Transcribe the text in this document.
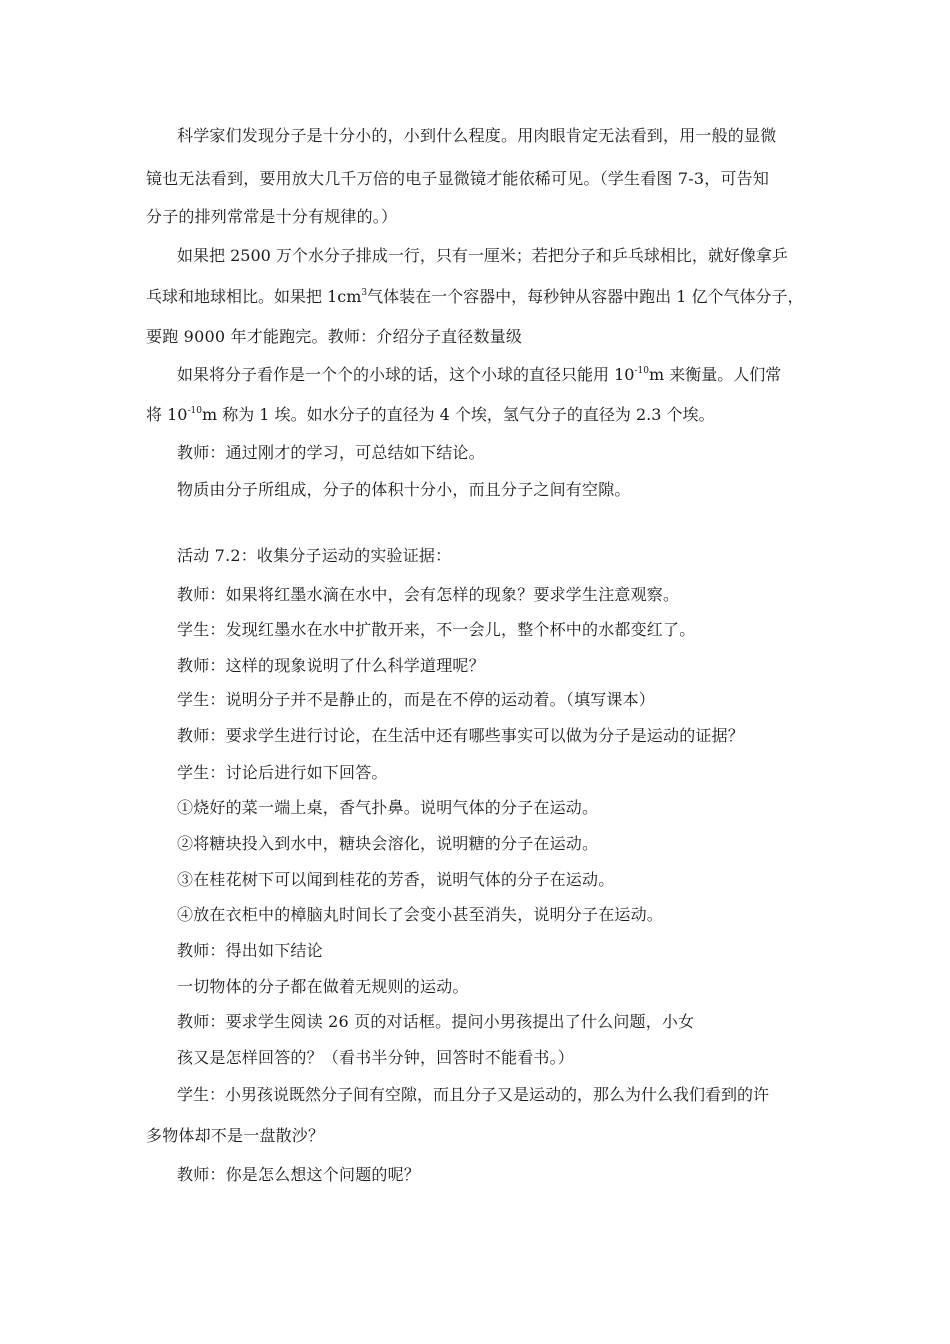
科学家们发现分子是十分小的，小到什么程度。用肉眼肯定无法看到，用一般的显微
镜也无法看到，要用放大几千万倍的电子显微镜才能依稀可见。（学生看图 7-3，可告知
分子的排列常常是十分有规律的。）
如果把 2500 万个水分子排成一行，只有一厘米；若把分子和乒乓球相比，就好像拿乒
乓球和地球相比。如果把 $1cm^3$气体装在一个容器中，每秒钟从容器中跑出 1 亿个气体分子，
要跑 9000 年才能跑完。教师：介绍分子直径数量级
如果将分子看作是一个个的小球的话，这个小球的直径只能用 $10^{-10}m$ 来衡量。人们常
将 $10^{-10}m$ 称为 1 埃。如水分子的直径为 4 个埃，氢气分子的直径为 2.3 个埃。
教师：通过刚才的学习，可总结如下结论。
物质由分子所组成，分子的体积十分小，而且分子之间有空隙。
活动 7.2：收集分子运动的实验证据：
教师：如果将红墨水滴在水中，会有怎样的现象？要求学生注意观察。
学生：发现红墨水在水中扩散开来，不一会儿，整个杯中的水都变红了。
教师：这样的现象说明了什么科学道理呢？
学生：说明分子并不是静止的，而是在不停的运动着。（填写课本）
教师：要求学生进行讨论，在生活中还有哪些事实可以做为分子是运动的证据？
学生：讨论后进行如下回答。
①烧好的菜一端上桌，香气扑鼻。说明气体的分子在运动。
②将糖块投入到水中，糖块会溶化，说明糖的分子在运动。
③在桂花树下可以闻到桂花的芳香，说明气体的分子在运动。
④放在衣柜中的樟脑丸时间长了会变小甚至消失，说明分子在运动。
教师：得出如下结论
一切物体的分子都在做着无规则的运动。
教师：要求学生阅读 26 页的对话框。提问小男孩提出了什么问题，小女
孩又是怎样回答的？（看书半分钟，回答时不能看书。）
学生：小男孩说既然分子间有空隙，而且分子又是运动的，那么为什么我们看到的许
多物体却不是一盘散沙？
教师：你是怎么想这个问题的呢？
